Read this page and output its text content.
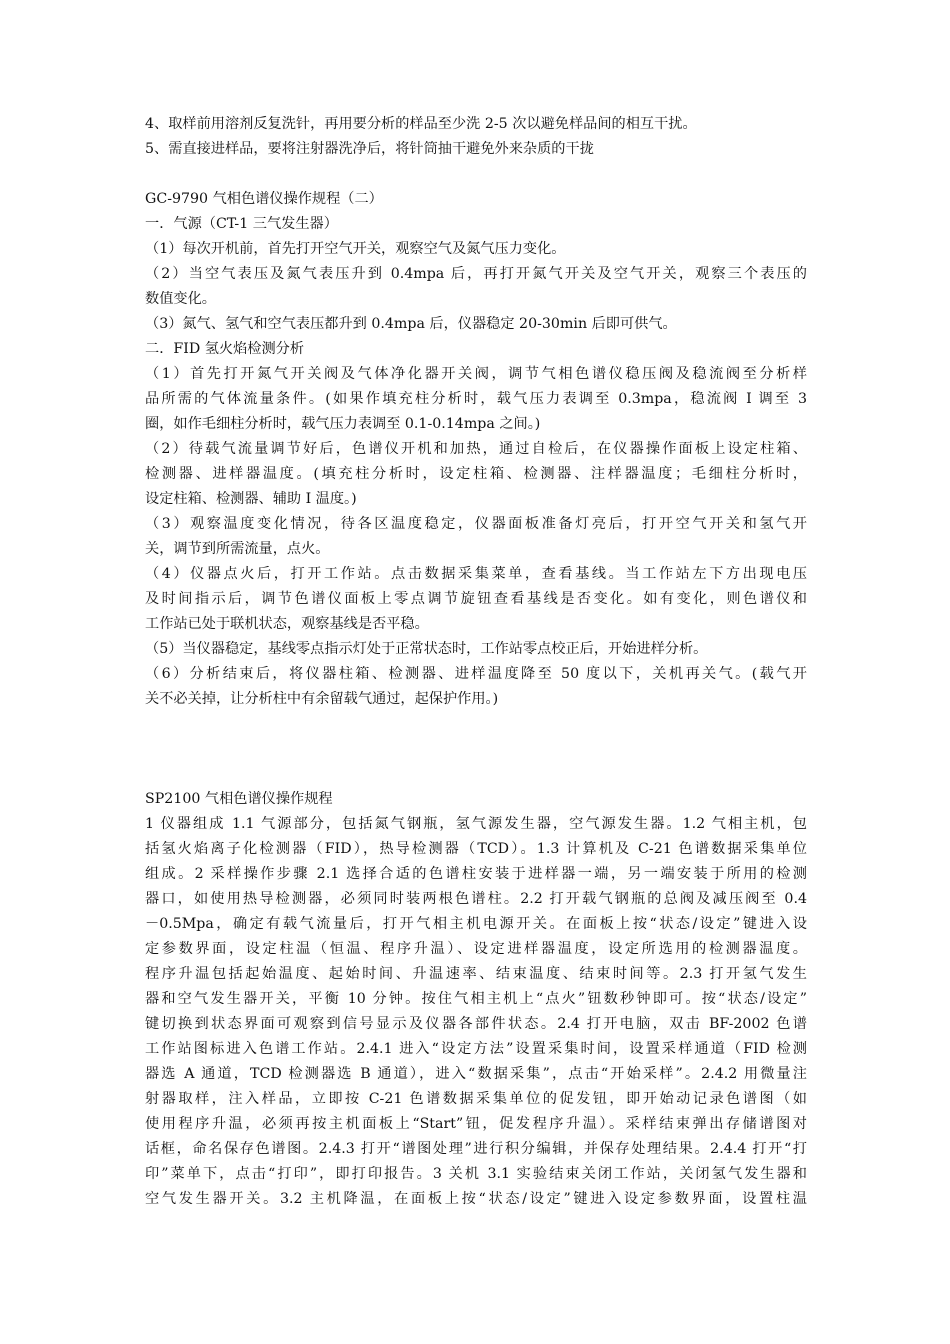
4、取样前用溶剂反复洗针，再用要分析的样品至少洗 2-5 次以避免样品间的相互干扰。

5、需直接进样品，要将注射器洗净后，将针筒抽干避免外来杂质的干拢

GC-9790 气相色谱仪操作规程（二）

一．气源（CT-1 三气发生器）

（1）每次开机前，首先打开空气开关，观察空气及氮气压力变化。

（2）当空气表压及氮气表压升到 0.4mpa 后，再打开氮气开关及空气开关，观察三个表压的

数值变化。

（3）氮气、氢气和空气表压都升到 0.4mpa 后，仪器稳定 20-30min 后即可供气。

二．FID 氢火焰检测分析

（1）首先打开氮气开关阀及气体净化器开关阀，调节气相色谱仪稳压阀及稳流阀至分析样

品所需的气体流量条件。(如果作填充柱分析时，载气压力表调至 0.3mpa，稳流阀 I 调至 3

圈，如作毛细柱分析时，载气压力表调至 0.1-0.14mpa 之间。)

（2）待载气流量调节好后，色谱仪开机和加热，通过自检后，在仪器操作面板上设定柱箱、

检测器、进样器温度。(填充柱分析时，设定柱箱、检测器、注样器温度；毛细柱分析时，

设定柱箱、检测器、辅助 I 温度。)

（3）观察温度变化情况，待各区温度稳定，仪器面板准备灯亮后，打开空气开关和氢气开

关，调节到所需流量，点火。

（4）仪器点火后，打开工作站。点击数据采集菜单，查看基线。当工作站左下方出现电压

及时间指示后，调节色谱仪面板上零点调节旋钮查看基线是否变化。如有变化，则色谱仪和

工作站已处于联机状态，观察基线是否平稳。

（5）当仪器稳定，基线零点指示灯处于正常状态时，工作站零点校正后，开始进样分析。

（6）分析结束后，将仪器柱箱、检测器、进样温度降至 50 度以下，关机再关气。(载气开

关不必关掉，让分析柱中有余留载气通过，起保护作用。)

SP2100 气相色谱仪操作规程

1 仪器组成 1.1 气源部分，包括氮气钢瓶，氢气源发生器，空气源发生器。1.2 气相主机，包

括氢火焰离子化检测器（FID），热导检测器（TCD）。1.3 计算机及 C-21 色谱数据采集单位

组成。2 采样操作步骤 2.1 选择合适的色谱柱安装于进样器一端，另一端安装于所用的检测

器口，如使用热导检测器，必须同时装两根色谱柱。2.2 打开载气钢瓶的总阀及减压阀至 0.4

－0.5Mpa，确定有载气流量后，打开气相主机电源开关。在面板上按“状态/设定”键进入设

定参数界面，设定柱温（恒温、程序升温）、设定进样器温度，设定所选用的检测器温度。

程序升温包括起始温度、起始时间、升温速率、结束温度、结束时间等。2.3 打开氢气发生

器和空气发生器开关，平衡 10 分钟。按住气相主机上“点火”钮数秒钟即可。按“状态/设定”

键切换到状态界面可观察到信号显示及仪器各部件状态。2.4 打开电脑，双击 BF-2002 色谱

工作站图标进入色谱工作站。2.4.1 进入“设定方法”设置采集时间，设置采样通道（FID 检测

器选 A 通道，TCD 检测器选 B 通道），进入“数据采集”，点击“开始采样”。2.4.2 用微量注

射器取样，注入样品，立即按 C-21 色谱数据采集单位的促发钮，即开始动记录色谱图（如

使用程序升温，必须再按主机面板上“Start”钮，促发程序升温）。采样结束弹出存储谱图对

话框，命名保存色谱图。2.4.3 打开“谱图处理”进行积分编辑，并保存处理结果。2.4.4 打开“打

印”菜单下，点击“打印”，即打印报告。3 关机 3.1 实验结束关闭工作站，关闭氢气发生器和

空气发生器开关。3.2 主机降温，在面板上按“状态/设定”键进入设定参数界面，设置柱温
